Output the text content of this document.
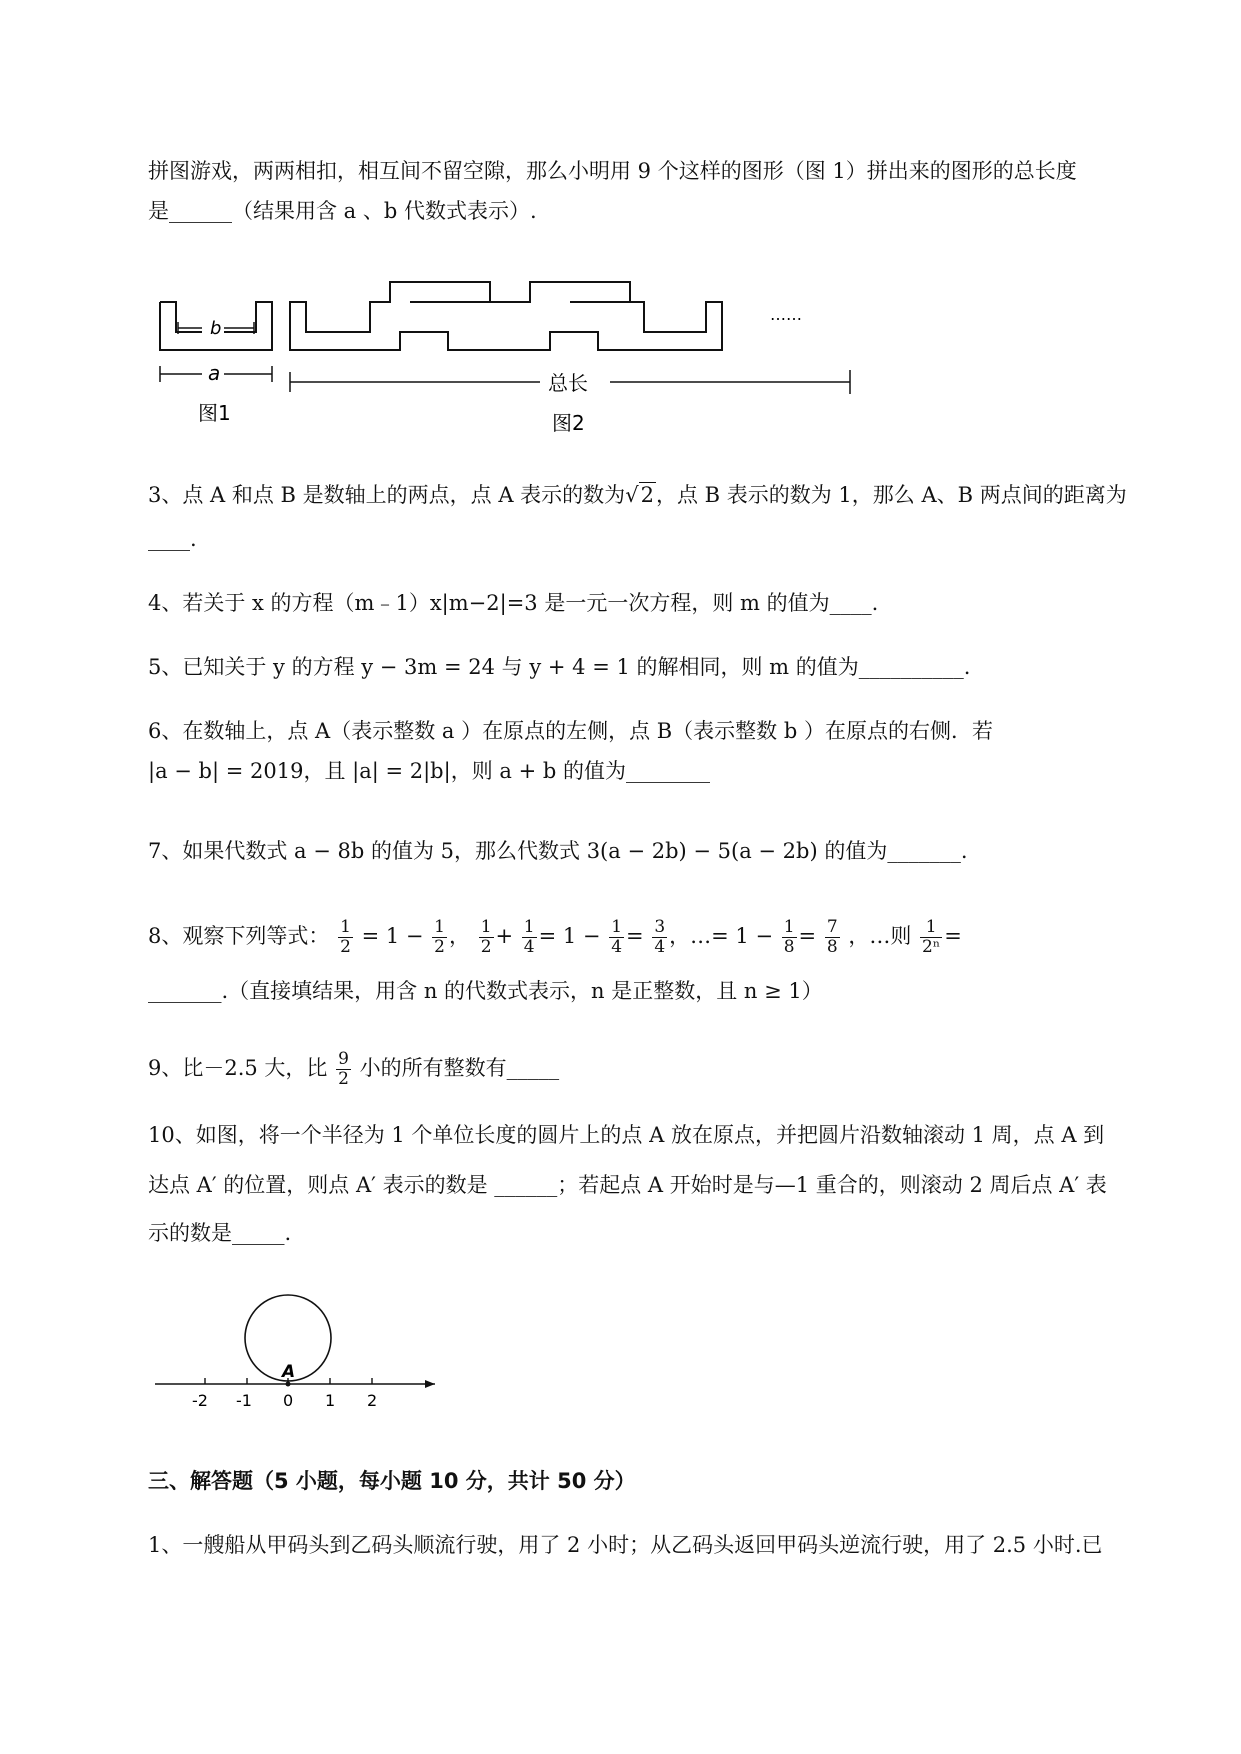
拼图游戏，两两相扣，相互间不留空隙，那么小明用 9 个这样的图形（图 1）拼出来的图形的总长度
是______（结果用含 a 、b 代数式表示）.
b
a	总长
图1	图2
……
3、点 A 和点 B 是数轴上的两点，点 A 表示的数为√2，点 B 表示的数为 1，那么 A、B 两点间的距离为
____.
4、若关于 x 的方程（m﹣1）x|m−2|=3 是一元一次方程，则 m 的值为____.
5、已知关于 y 的方程 y − 3m = 24 与 y + 4 = 1 的解相同，则 m 的值为__________.
6、在数轴上，点 A（表示整数 a ）在原点的左侧，点 B（表示整数 b ）在原点的右侧．若
|a − b| = 2019，且 |a| = 2|b|，则 a + b 的值为________
7、如果代数式 a − 8b 的值为 5，那么代数式 3(a − 2b) − 5(a − 2b) 的值为_______.
8、观察下列等式： $\frac{1}{2} = 1 - \frac{1}{2}$ ， $\frac{1}{2} + \frac{1}{4} = 1 - \frac{1}{4} = \frac{3}{4}$ ，…= $1 - \frac{1}{8} = \frac{7}{8}$ ，…则 $\frac{1}{\text{2ⁿ}}$ =
_______.（直接填结果，用含 n 的代数式表示，n 是正整数，且 n ≥ 1）
9、比－2.5 大，比 $\frac{9}{2}$ 小的所有整数有_____
10、如图，将一个半径为 1 个单位长度的圆片上的点 A 放在原点，并把圆片沿数轴滚动 1 周，点 A 到
达点 A′ 的位置，则点 A′ 表示的数是 ______；若起点 A 开始时是与—1 重合的，则滚动 2 周后点 A′ 表
示的数是_____.
A
-2 -1 0 1 2
三、解答题（5 小题，每小题 10 分，共计 50 分）
1、一艘船从甲码头到乙码头顺流行驶，用了 2 小时；从乙码头返回甲码头逆流行驶，用了 2.5 小时.已
